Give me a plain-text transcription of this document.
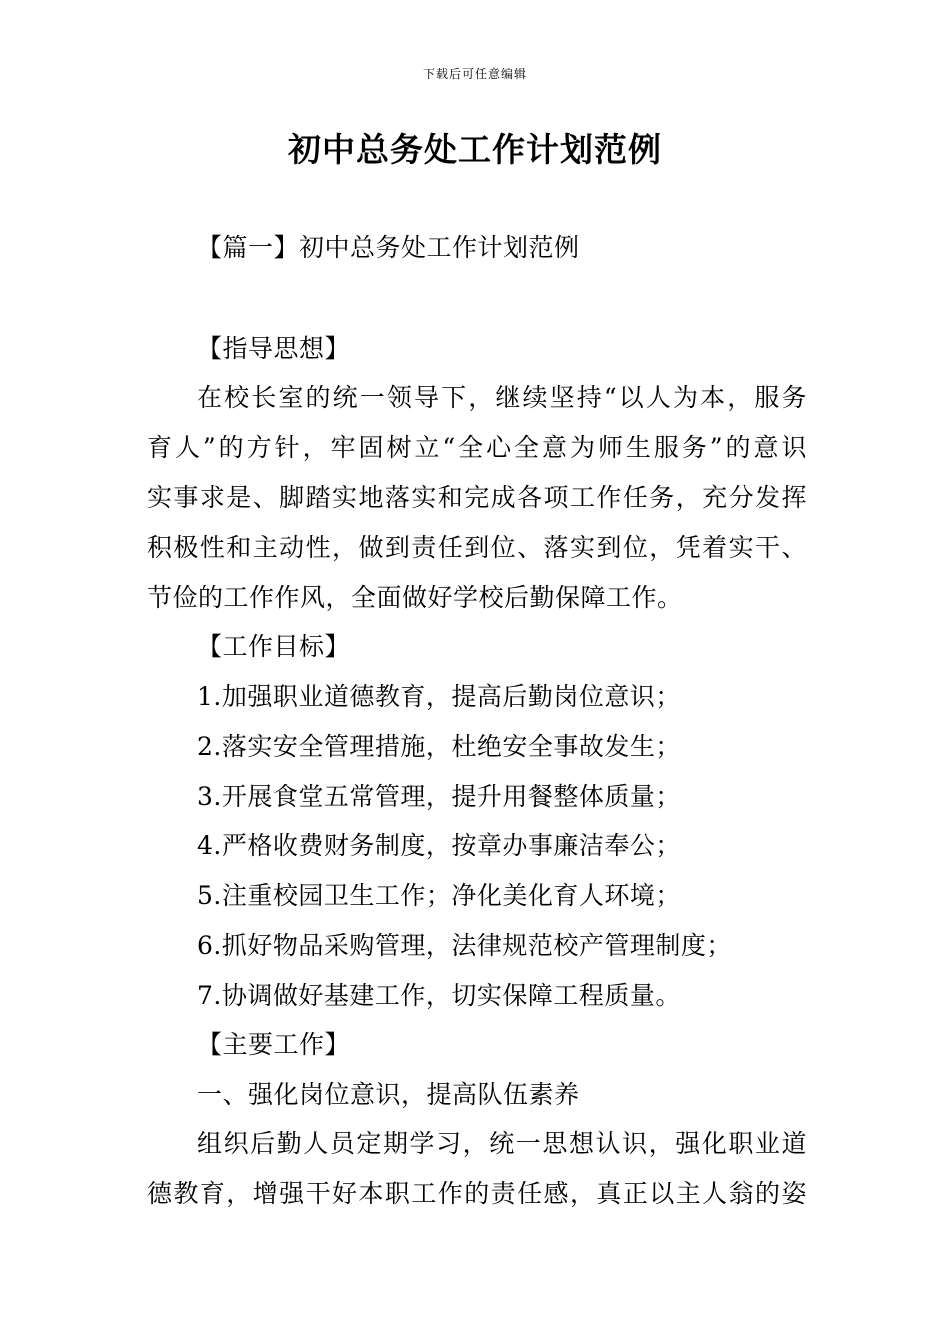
下载后可任意编辑
初中总务处工作计划范例
【篇一】初中总务处工作计划范例
【指导思想】
在校长室的统一领导下，继续坚持“以人为本，服务
育人”的方针，牢固树立“全心全意为师生服务”的意识
实事求是、脚踏实地落实和完成各项工作任务，充分发挥
积极性和主动性，做到责任到位、落实到位，凭着实干、
节俭的工作作风，全面做好学校后勤保障工作。
【工作目标】
1.加强职业道德教育，提高后勤岗位意识；
2.落实安全管理措施，杜绝安全事故发生；
3.开展食堂五常管理，提升用餐整体质量；
4.严格收费财务制度，按章办事廉洁奉公；
5.注重校园卫生工作；净化美化育人环境；
6.抓好物品采购管理，法律规范校产管理制度；
7.协调做好基建工作，切实保障工程质量。
【主要工作】
一、强化岗位意识，提高队伍素养
组织后勤人员定期学习，统一思想认识，强化职业道
德教育，增强干好本职工作的责任感，真正以主人翁的姿
